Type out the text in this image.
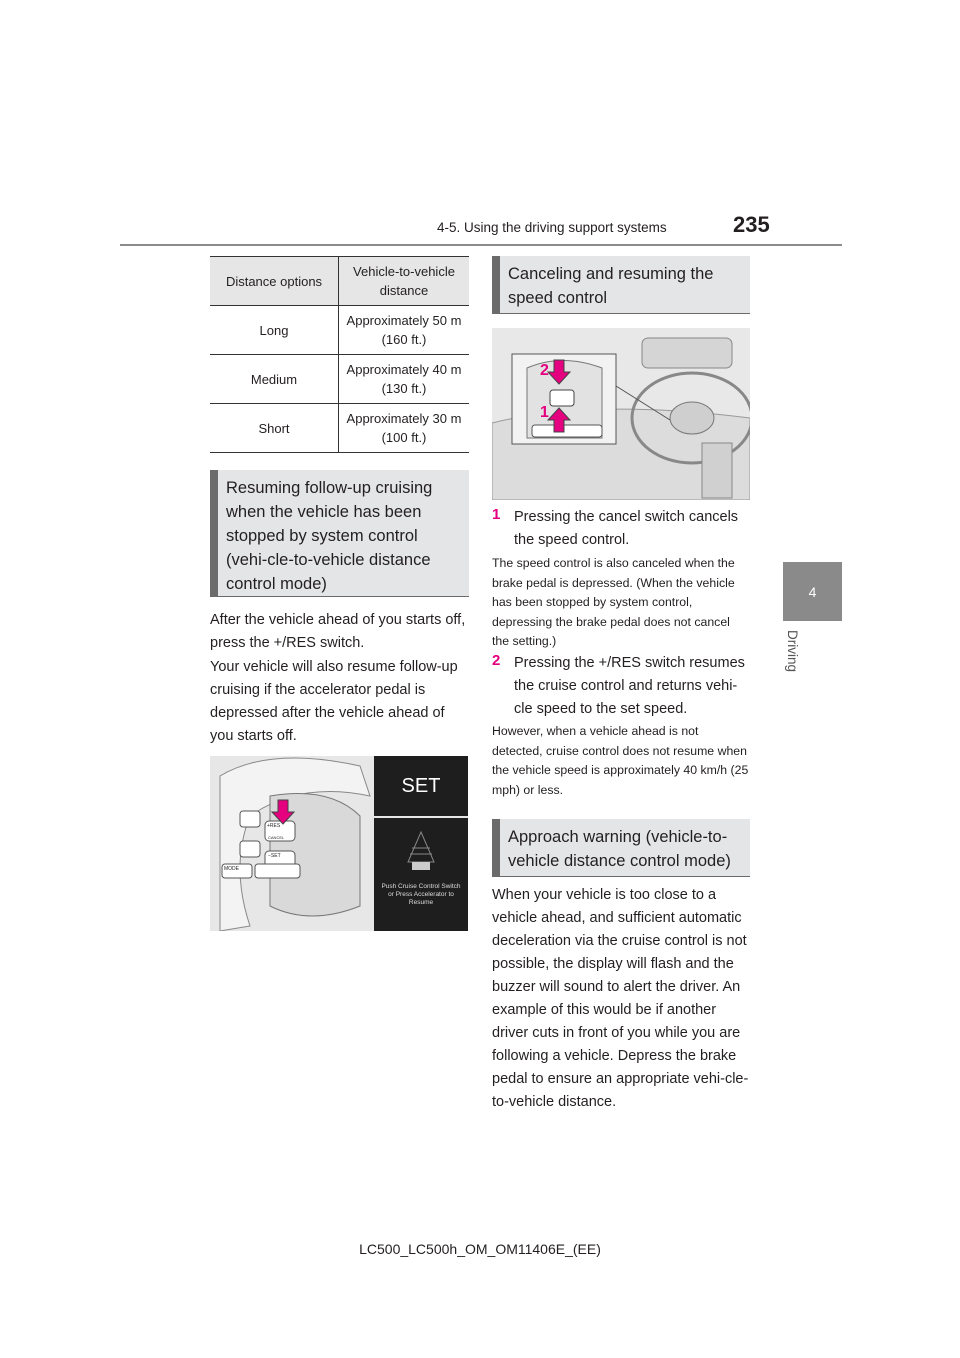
4-5. Using the driving support systems	235
4
Driving
Distance options	Vehicle-to-vehicle distance
Long	Approximately 50 m (160 ft.)
Medium	Approximately 40 m (130 ft.)
Short	Approximately 30 m (100 ft.)
Resuming follow-up cruising when the vehicle has been stopped by system control (vehi-cle-to-vehicle distance control mode)
After the vehicle ahead of you starts off, press the +/RES switch.
Your vehicle will also resume follow-up cruising if the accelerator pedal is depressed after the vehicle ahead of you starts off.
+RES
CANCEL
−SET
MODE
SET
Push Cruise Control Switch or Press Accelerator to Resume
Canceling and resuming the speed control
2
1
1 Pressing the cancel switch cancels the speed control.
The speed control is also canceled when the brake pedal is depressed. (When the vehicle has been stopped by system control, depressing the brake pedal does not cancel the setting.)
2 Pressing the +/RES switch resumes the cruise control and returns vehi-cle speed to the set speed.
However, when a vehicle ahead is not detected, cruise control does not resume when the vehicle speed is approximately 40 km/h (25 mph) or less.
Approach warning (vehicle-to-vehicle distance control mode)
When your vehicle is too close to a vehicle ahead, and sufficient automatic deceleration via the cruise control is not possible, the display will flash and the buzzer will sound to alert the driver. An example of this would be if another driver cuts in front of you while you are following a vehicle. Depress the brake pedal to ensure an appropriate vehi-cle-to-vehicle distance.
LC500_LC500h_OM_OM11406E_(EE)
